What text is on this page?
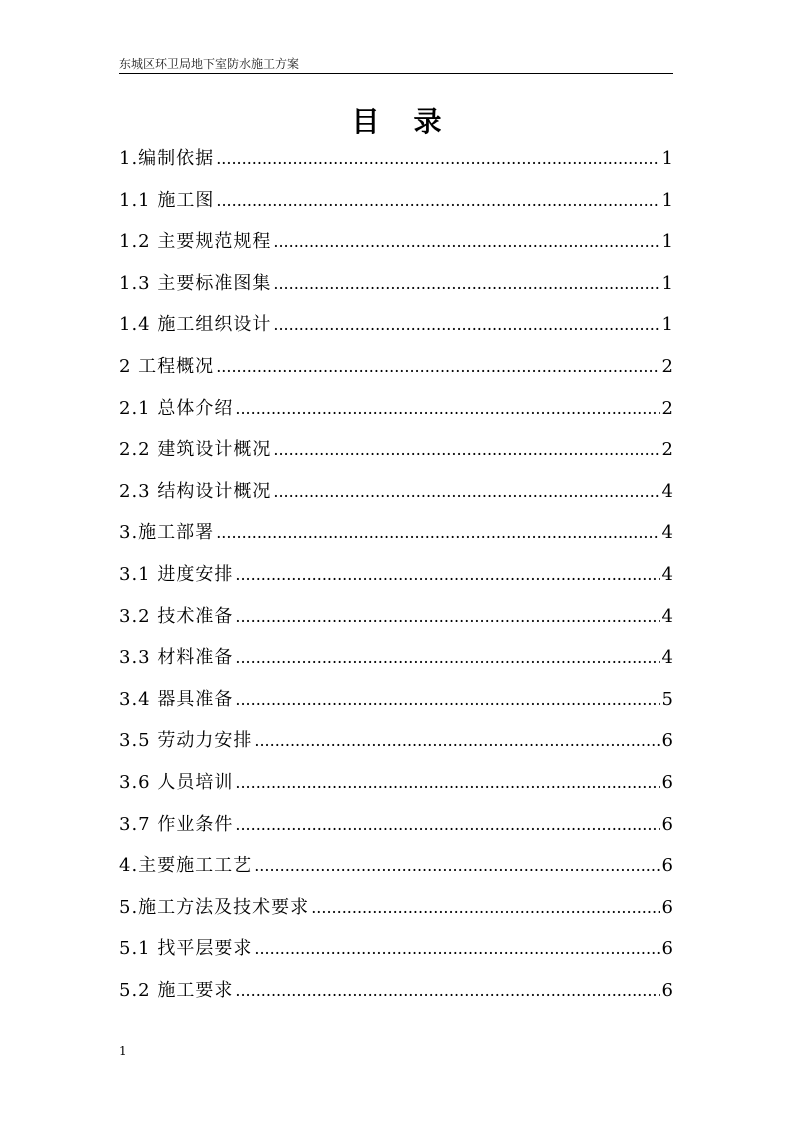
东城区环卫局地下室防水施工方案
目录
1.编制依据 .....	1
1.1 施工图 .....	1
1.2 主要规范规程 .....	1
1.3 主要标准图集 .....	1
1.4 施工组织设计 .....	1
2 工程概况 .....	2
2.1 总体介绍 .....	2
2.2 建筑设计概况 .....	2
2.3 结构设计概况 .....	4
3.施工部署 .....	4
3.1 进度安排 .....	4
3.2 技术准备 .....	4
3.3 材料准备 .....	4
3.4 器具准备 .....	5
3.5 劳动力安排 .....	6
3.6 人员培训 .....	6
3.7 作业条件 .....	6
4.主要施工工艺 .....	6
5.施工方法及技术要求 .....	6
5.1 找平层要求 .....	6
5.2 施工要求 .....	6
1
